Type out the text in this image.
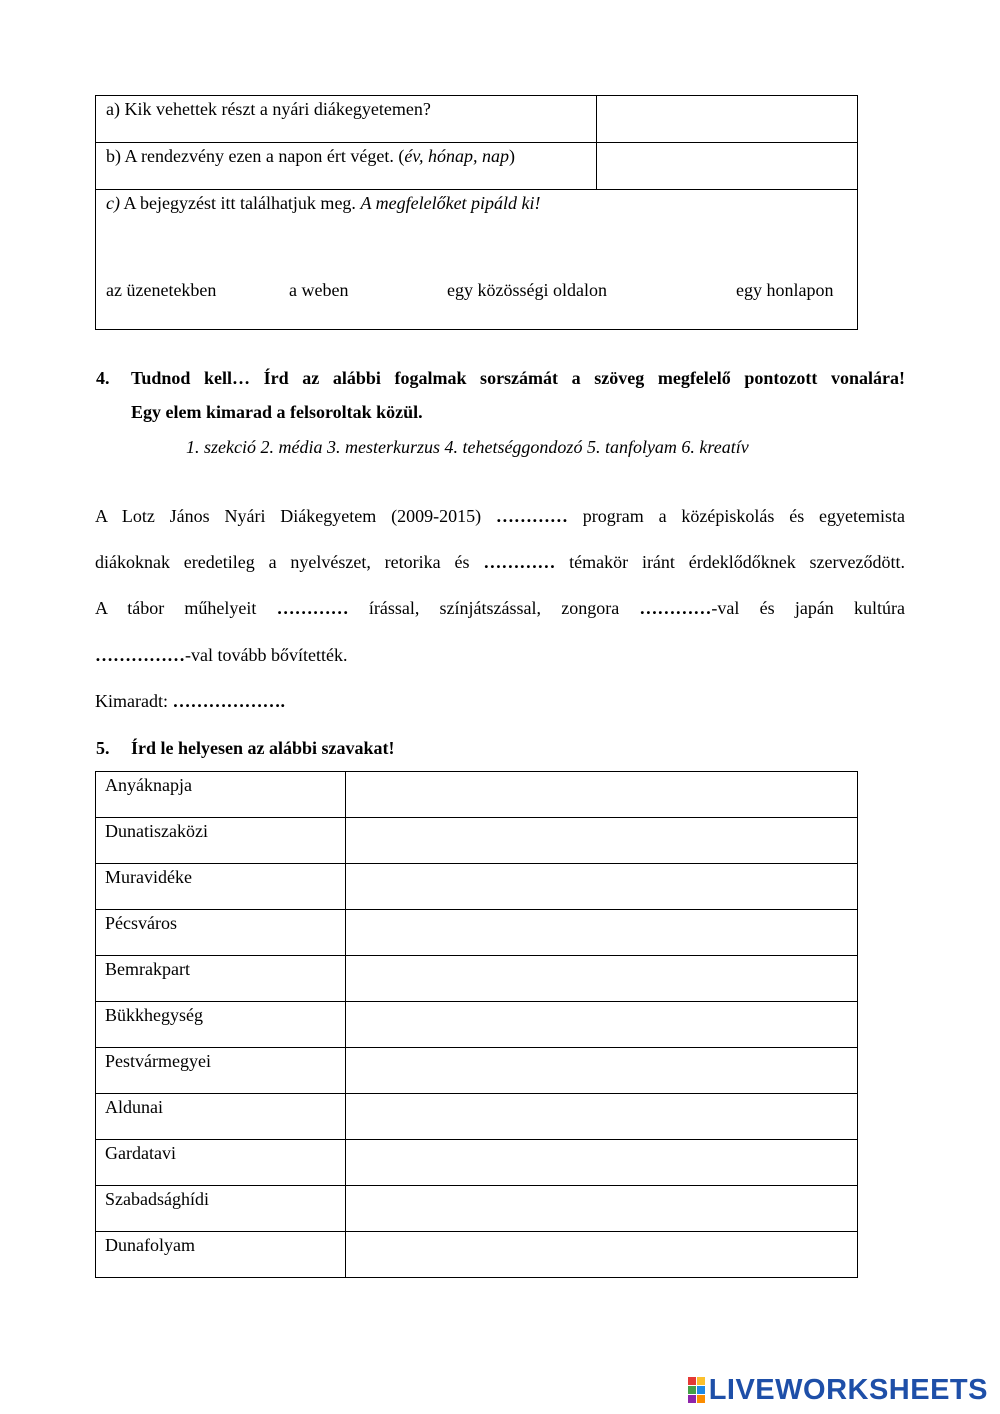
a) Kik vehettek részt a nyári diákegyetemen?
b) A rendezvény ezen a napon ért véget. (év, hónap, nap)
c) A bejegyzést itt találhatjuk meg. A megfelelőket pipáld ki!
az üzenetekben	a weben	egy közösségi oldalon	egy honlapon
4. Tudnod kell… Írd az alábbi fogalmak sorszámát a szöveg megfelelő pontozott vonalára!
Egy elem kimarad a felsoroltak közül.
1. szekció 2. média 3. mesterkurzus 4. tehetséggondozó 5. tanfolyam 6. kreatív
A Lotz János Nyári Diákegyetem (2009-2015) ………… program a középiskolás és egyetemista
diákoknak eredetileg a nyelvészet, retorika és ………… témakör iránt érdeklődőknek szerveződött.
A tábor műhelyeit ………… írással, színjátszással, zongora …………-val és japán kultúra
……………-val tovább bővítették.
Kimaradt: ……………….
5. Írd le helyesen az alábbi szavakat!
Anyáknapja	
Dunatiszaközi	
Muravidéke	
Pécsváros	
Bemrakpart	
Bükkhegység	
Pestvármegyei	
Aldunai	
Gardatavi	
Szabadsághídi	
Dunafolyam	
LIVEWORKSHEETS
